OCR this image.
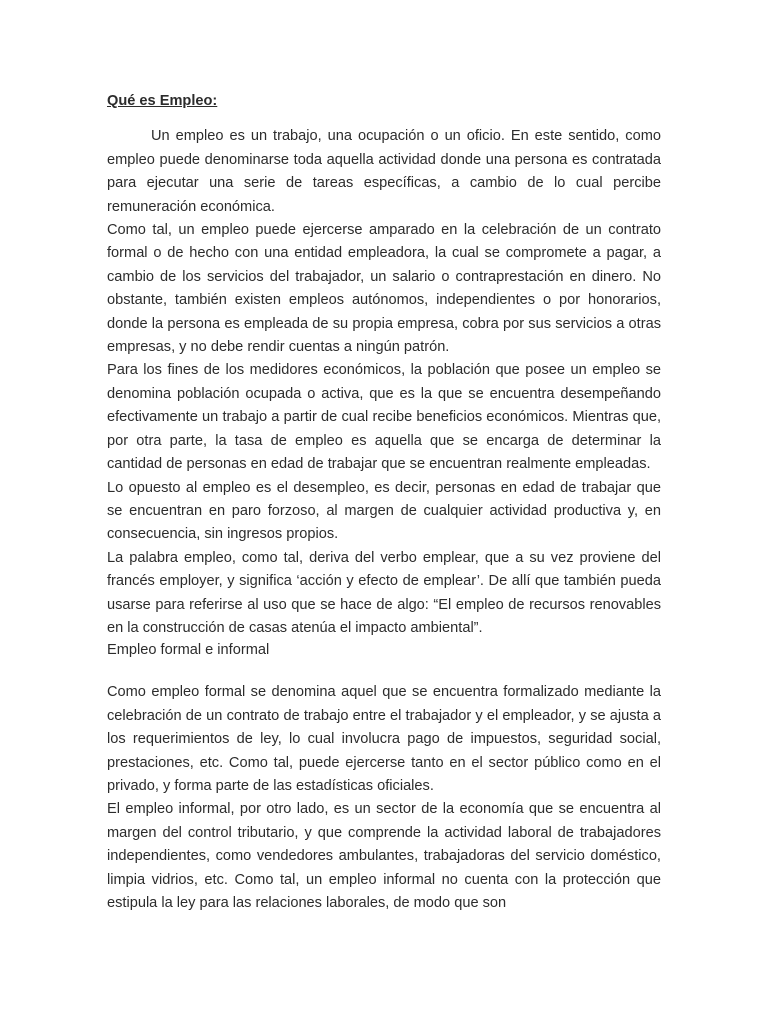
Qué es Empleo:

Un empleo es un trabajo, una ocupación o un oficio. En este sentido, como empleo puede denominarse toda aquella actividad donde una persona es contratada para ejecutar una serie de tareas específicas, a cambio de lo cual percibe remuneración económica.

Como tal, un empleo puede ejercerse amparado en la celebración de un contrato formal o de hecho con una entidad empleadora, la cual se compromete a pagar, a cambio de los servicios del trabajador, un salario o contraprestación en dinero. No obstante, también existen empleos autónomos, independientes o por honorarios, donde la persona es empleada de su propia empresa, cobra por sus servicios a otras empresas, y no debe rendir cuentas a ningún patrón.

Para los fines de los medidores económicos, la población que posee un empleo se denomina población ocupada o activa, que es la que se encuentra desempeñando efectivamente un trabajo a partir de cual recibe beneficios económicos. Mientras que, por otra parte, la tasa de empleo es aquella que se encarga de determinar la cantidad de personas en edad de trabajar que se encuentran realmente empleadas.

Lo opuesto al empleo es el desempleo, es decir, personas en edad de trabajar que se encuentran en paro forzoso, al margen de cualquier actividad productiva y, en consecuencia, sin ingresos propios.

La palabra empleo, como tal, deriva del verbo emplear, que a su vez proviene del francés employer, y significa ‘acción y efecto de emplear’. De allí que también pueda usarse para referirse al uso que se hace de algo: “El empleo de recursos renovables en la construcción de casas atenúa el impacto ambiental”.

Empleo formal e informal

Como empleo formal se denomina aquel que se encuentra formalizado mediante la celebración de un contrato de trabajo entre el trabajador y el empleador, y se ajusta a los requerimientos de ley, lo cual involucra pago de impuestos, seguridad social, prestaciones, etc. Como tal, puede ejercerse tanto en el sector público como en el privado, y forma parte de las estadísticas oficiales.

El empleo informal, por otro lado, es un sector de la economía que se encuentra al margen del control tributario, y que comprende la actividad laboral de trabajadores independientes, como vendedores ambulantes, trabajadoras del servicio doméstico, limpia vidrios, etc. Como tal, un empleo informal no cuenta con la protección que estipula la ley para las relaciones laborales, de modo que son
